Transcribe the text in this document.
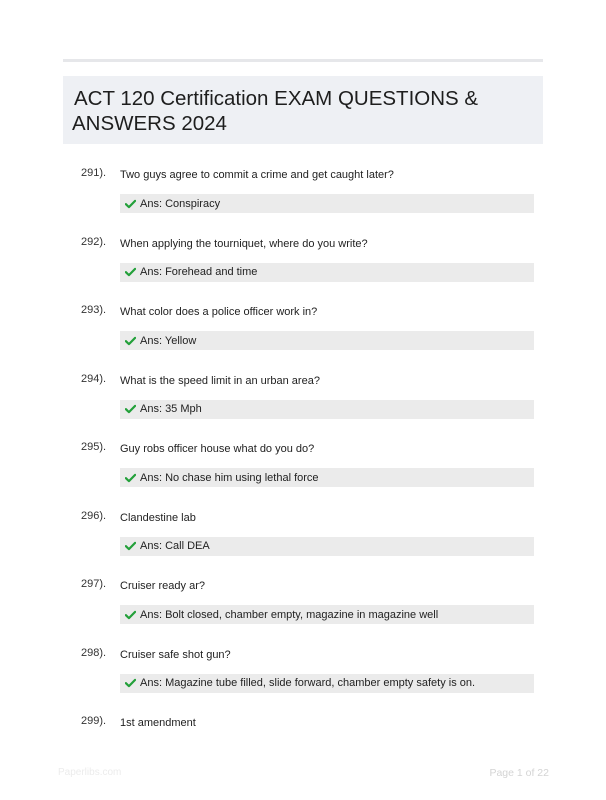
ACT 120 Certification EXAM QUESTIONS & ANSWERS 2024
291). Two guys agree to commit a crime and get caught later?
Ans: Conspiracy
292). When applying the tourniquet, where do you write?
Ans: Forehead and time
293). What color does a police officer work in?
Ans: Yellow
294). What is the speed limit in an urban area?
Ans: 35 Mph
295). Guy robs officer house what do you do?
Ans: No chase him using lethal force
296). Clandestine lab
Ans: Call DEA
297). Cruiser ready ar?
Ans: Bolt closed, chamber empty, magazine in magazine well
298). Cruiser safe shot gun?
Ans: Magazine tube filled, slide forward, chamber empty safety is on.
299). 1st amendment
Paperlibs.com	Page 1 of 22
